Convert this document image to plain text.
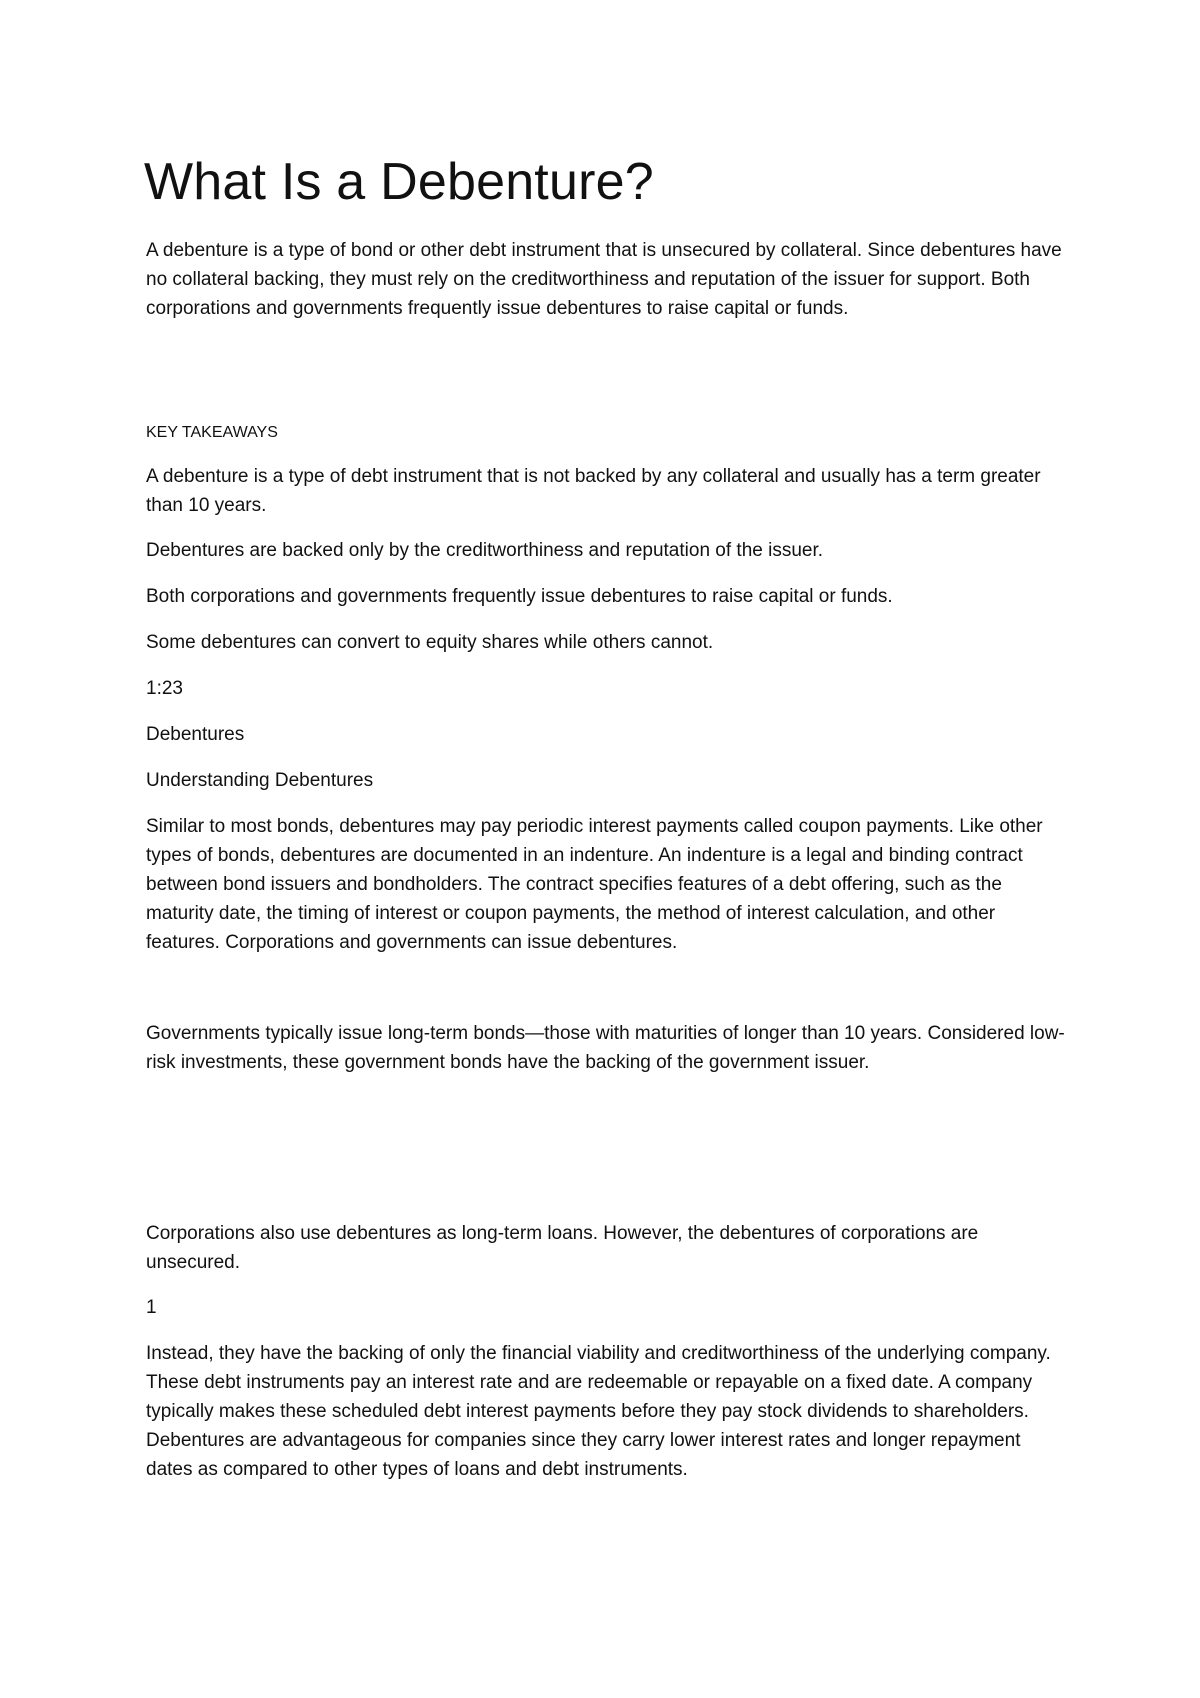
What Is a Debenture?

A debenture is a type of bond or other debt instrument that is unsecured by collateral. Since debentures have no collateral backing, they must rely on the creditworthiness and reputation of the issuer for support. Both corporations and governments frequently issue debentures to raise capital or funds.

KEY TAKEAWAYS

A debenture is a type of debt instrument that is not backed by any collateral and usually has a term greater than 10 years.

Debentures are backed only by the creditworthiness and reputation of the issuer.

Both corporations and governments frequently issue debentures to raise capital or funds.

Some debentures can convert to equity shares while others cannot.

1:23

Debentures

Understanding Debentures

Similar to most bonds, debentures may pay periodic interest payments called coupon payments. Like other types of bonds, debentures are documented in an indenture. An indenture is a legal and binding contract between bond issuers and bondholders. The contract specifies features of a debt offering, such as the maturity date, the timing of interest or coupon payments, the method of interest calculation, and other features. Corporations and governments can issue debentures.

Governments typically issue long-term bonds—those with maturities of longer than 10 years. Considered low-risk investments, these government bonds have the backing of the government issuer.

Corporations also use debentures as long-term loans. However, the debentures of corporations are unsecured.

1

Instead, they have the backing of only the financial viability and creditworthiness of the underlying company. These debt instruments pay an interest rate and are redeemable or repayable on a fixed date. A company typically makes these scheduled debt interest payments before they pay stock dividends to shareholders. Debentures are advantageous for companies since they carry lower interest rates and longer repayment dates as compared to other types of loans and debt instruments.
